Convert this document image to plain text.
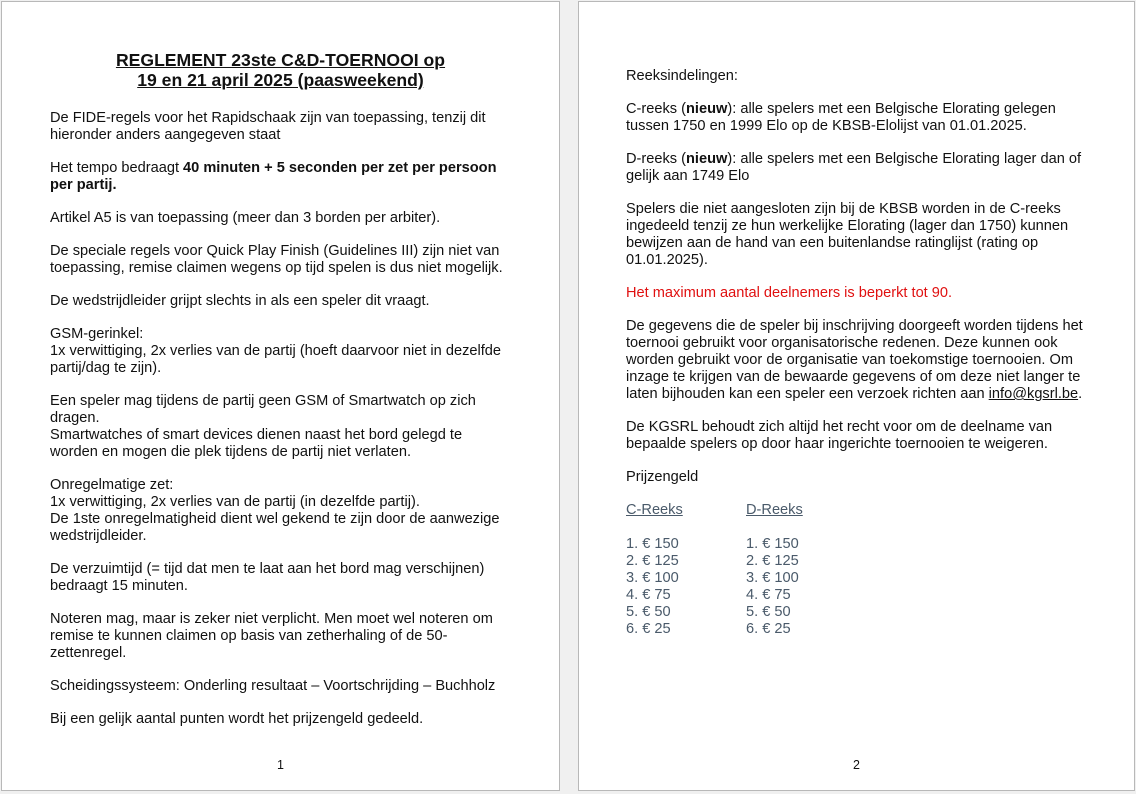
REGLEMENT 23ste C&D-TOERNOOI op
19 en 21 april 2025 (paasweekend)

De FIDE-regels voor het Rapidschaak zijn van toepassing, tenzij dit hieronder anders aangegeven staat

Het tempo bedraagt 40 minuten + 5 seconden per zet per persoon per partij.

Artikel A5 is van toepassing (meer dan 3 borden per arbiter).

De speciale regels voor Quick Play Finish (Guidelines III) zijn niet van toepassing, remise claimen wegens op tijd spelen is dus niet mogelijk.

De wedstrijdleider grijpt slechts in als een speler dit vraagt.

GSM-gerinkel:
1x verwittiging, 2x verlies van de partij (hoeft daarvoor niet in dezelfde partij/dag te zijn).

Een speler mag tijdens de partij geen GSM of Smartwatch op zich dragen.
Smartwatches of smart devices dienen naast het bord gelegd te worden en mogen die plek tijdens de partij niet verlaten.

Onregelmatige zet:
1x verwittiging, 2x verlies van de partij (in dezelfde partij).
De 1ste onregelmatigheid dient wel gekend te zijn door de aanwezige wedstrijdleider.

De verzuimtijd (= tijd dat men te laat aan het bord mag verschijnen) bedraagt 15 minuten.

Noteren mag, maar is zeker niet verplicht. Men moet wel noteren om remise te kunnen claimen op basis van zetherhaling of de 50-zettenregel.

Scheidingssysteem: Onderling resultaat – Voortschrijding – Buchholz

Bij een gelijk aantal punten wordt het prijzengeld gedeeld.

1

Reeksindelingen:

C-reeks (nieuw): alle spelers met een Belgische Elorating gelegen tussen 1750 en 1999 Elo op de KBSB-Elolijst van 01.01.2025.

D-reeks (nieuw): alle spelers met een Belgische Elorating lager dan of gelijk aan 1749 Elo

Spelers die niet aangesloten zijn bij de KBSB worden in de C-reeks ingedeeld tenzij ze hun werkelijke Elorating (lager dan 1750) kunnen bewijzen aan de hand van een buitenlandse ratinglijst (rating op 01.01.2025).

Het maximum aantal deelnemers is beperkt tot 90.

De gegevens die de speler bij inschrijving doorgeeft worden tijdens het toernooi gebruikt voor organisatorische redenen. Deze kunnen ook worden gebruikt voor de organisatie van toekomstige toernooien. Om inzage te krijgen van de bewaarde gegevens of om deze niet langer te laten bijhouden kan een speler een verzoek richten aan info@kgsrl.be.

De KGSRL behoudt zich altijd het recht voor om de deelname van bepaalde spelers op door haar ingerichte toernooien te weigeren.

Prijzengeld

C-Reeks
1. € 150
2. € 125
3. € 100
4. € 75
5. € 50
6. € 25
D-Reeks
1. € 150
2. € 125
3. € 100
4. € 75
5. € 50
6. € 25
2
